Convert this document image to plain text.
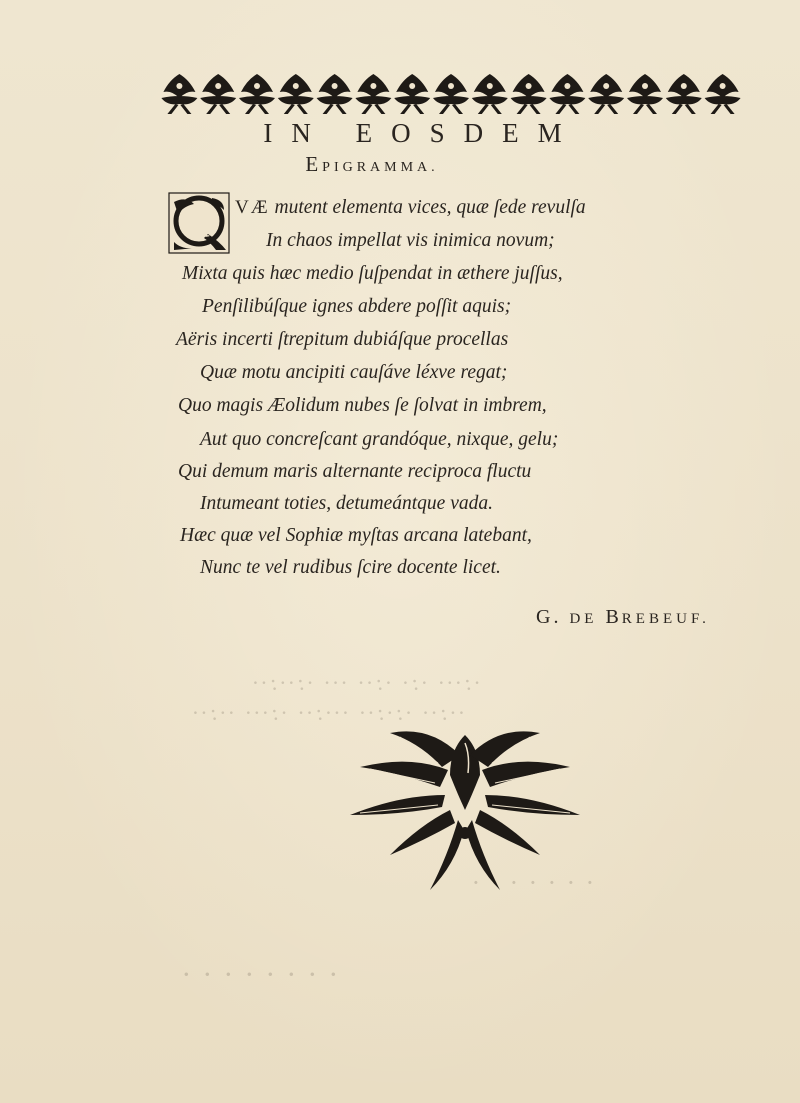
·:··· ·:· ·:·· ··· ·:··:··
··:·· ·:·:·· ···:·· ·:··· ··:··
· · · · · · ·
· · · · · · · ·
IN EOSDEM
EPIGRAMMA.
Q VÆ mutent elementa vices, quæ ſede revulſa
In chaos impellat vis inimica novum;
Mixta quis hæc medio ſuſpendat in æthere juſſus,
Penſilibúſque ignes abdere poſſit aquis;
Aëris incerti ſtrepitum dubiáſque procellas
Quæ motu ancipiti cauſáve léxve regat;
Quo magis Æolidum nubes ſe ſolvat in imbrem,
Aut quo concreſcant grandóque, nixque, gelu;
Qui demum maris alternante reciproca fluctu
Intumeant toties, detumeántque vada.
Hæc quæ vel Sophiæ myſtas arcana latebant,
Nunc te vel rudibus ſcire docente licet.
G. DE BREBEUF.
